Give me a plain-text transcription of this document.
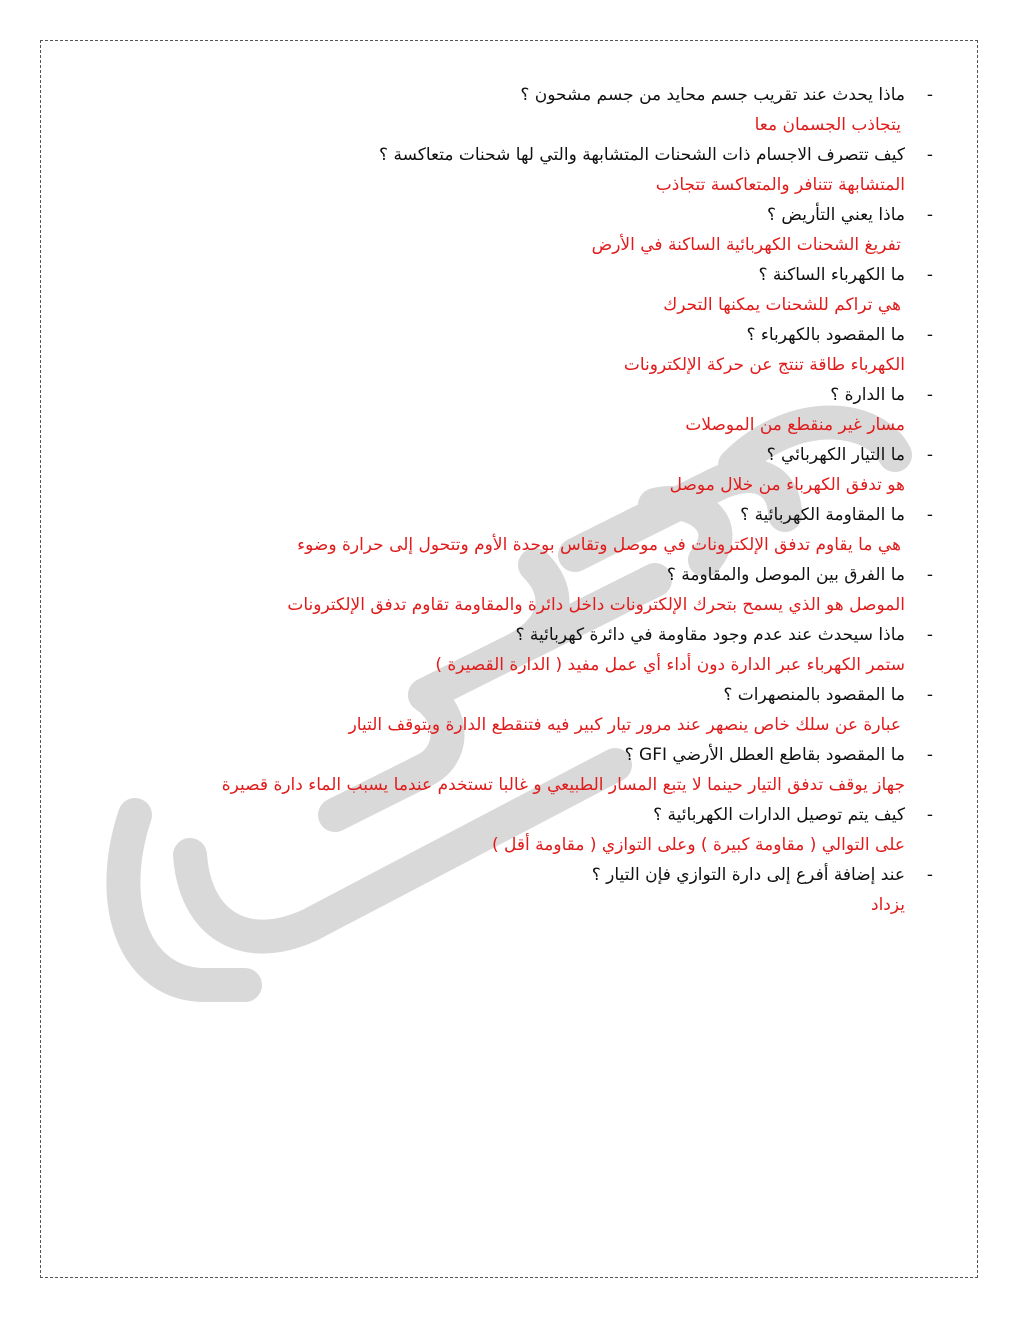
-
ماذا يحدث عند تقريب جسم محايد من جسم مشحون ؟
يتجاذب الجسمان معا
-
كيف تتصرف الاجسام ذات الشحنات المتشابهة والتي لها شحنات متعاكسة ؟
المتشابهة تتنافر والمتعاكسة تتجاذب
-
ماذا يعني التأريض ؟
تفريغ الشحنات الكهربائية الساكنة في الأرض
-
ما الكهرباء الساكنة ؟
هي تراكم للشحنات يمكنها التحرك
-
ما المقصود بالكهرباء ؟
الكهرباء طاقة تنتج عن حركة الإلكترونات
-
ما الدارة ؟
مسار غير منقطع من الموصلات
-
ما التيار الكهربائي ؟
هو تدفق الكهرباء من خلال موصل
-
ما المقاومة الكهربائية ؟
هي ما يقاوم تدفق الإلكترونات في موصل وتقاس بوحدة الأوم وتتحول إلى حرارة وضوء
-
ما الفرق بين الموصل والمقاومة ؟
الموصل هو الذي يسمح بتحرك الإلكترونات داخل دائرة والمقاومة تقاوم تدفق الإلكترونات
-
ماذا سيحدث عند عدم وجود مقاومة في دائرة كهربائية ؟
ستمر الكهرباء عبر الدارة دون أداء أي عمل مفيد ( الدارة القصيرة )
-
ما المقصود بالمنصهرات ؟
عبارة عن سلك خاص ينصهر عند مرور تيار كبير فيه فتنقطع الدارة ويتوقف التيار
-
ما المقصود بقاطع العطل الأرضي GFI ؟
جهاز يوقف تدفق التيار حينما لا يتبع المسار الطبيعي و غالبا تستخدم عندما يسبب الماء دارة قصيرة
-
كيف يتم توصيل الدارات الكهربائية ؟
على التوالي ( مقاومة كبيرة ) وعلى التوازي ( مقاومة أقل )
-
عند إضافة أفرع إلى دارة التوازي فإن التيار ؟
يزداد
